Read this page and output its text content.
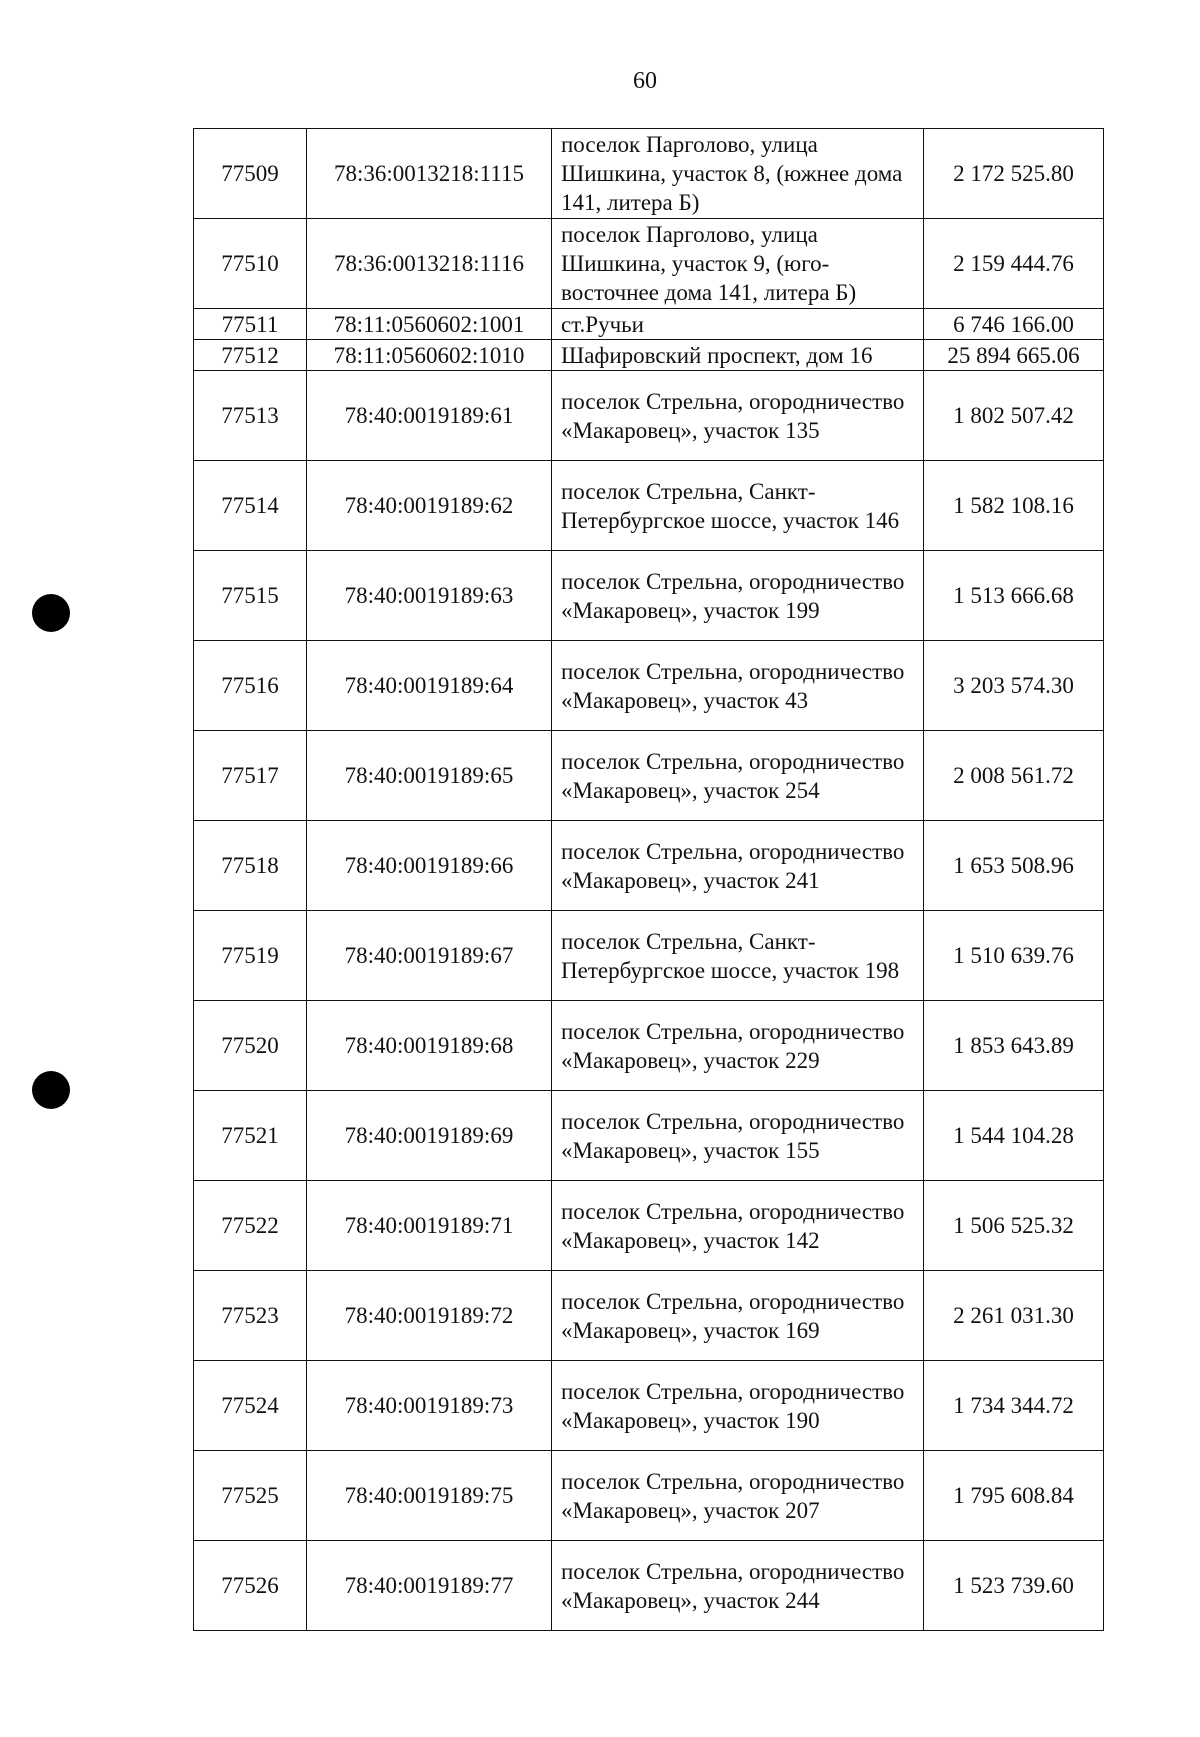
60
77509	78:36:0013218:1115	поселок Парголово, улица Шишкина, участок 8, (южнее дома 141, литера Б)	2 172 525.80
77510	78:36:0013218:1116	поселок Парголово, улица Шишкина, участок 9, (юго-восточнее дома 141, литера Б)	2 159 444.76
77511	78:11:0560602:1001	ст.Ручьи	6 746 166.00
77512	78:11:0560602:1010	Шафировский проспект, дом 16	25 894 665.06
77513	78:40:0019189:61	поселок Стрельна, огородничество «Макаровец», участок 135	1 802 507.42
77514	78:40:0019189:62	поселок Стрельна, Санкт-Петербургское шоссе, участок 146	1 582 108.16
77515	78:40:0019189:63	поселок Стрельна, огородничество «Макаровец», участок 199	1 513 666.68
77516	78:40:0019189:64	поселок Стрельна, огородничество «Макаровец», участок 43	3 203 574.30
77517	78:40:0019189:65	поселок Стрельна, огородничество «Макаровец», участок 254	2 008 561.72
77518	78:40:0019189:66	поселок Стрельна, огородничество «Макаровец», участок 241	1 653 508.96
77519	78:40:0019189:67	поселок Стрельна, Санкт-Петербургское шоссе, участок 198	1 510 639.76
77520	78:40:0019189:68	поселок Стрельна, огородничество «Макаровец», участок 229	1 853 643.89
77521	78:40:0019189:69	поселок Стрельна, огородничество «Макаровец», участок 155	1 544 104.28
77522	78:40:0019189:71	поселок Стрельна, огородничество «Макаровец», участок 142	1 506 525.32
77523	78:40:0019189:72	поселок Стрельна, огородничество «Макаровец», участок 169	2 261 031.30
77524	78:40:0019189:73	поселок Стрельна, огородничество «Макаровец», участок 190	1 734 344.72
77525	78:40:0019189:75	поселок Стрельна, огородничество «Макаровец», участок 207	1 795 608.84
77526	78:40:0019189:77	поселок Стрельна, огородничество «Макаровец», участок 244	1 523 739.60
